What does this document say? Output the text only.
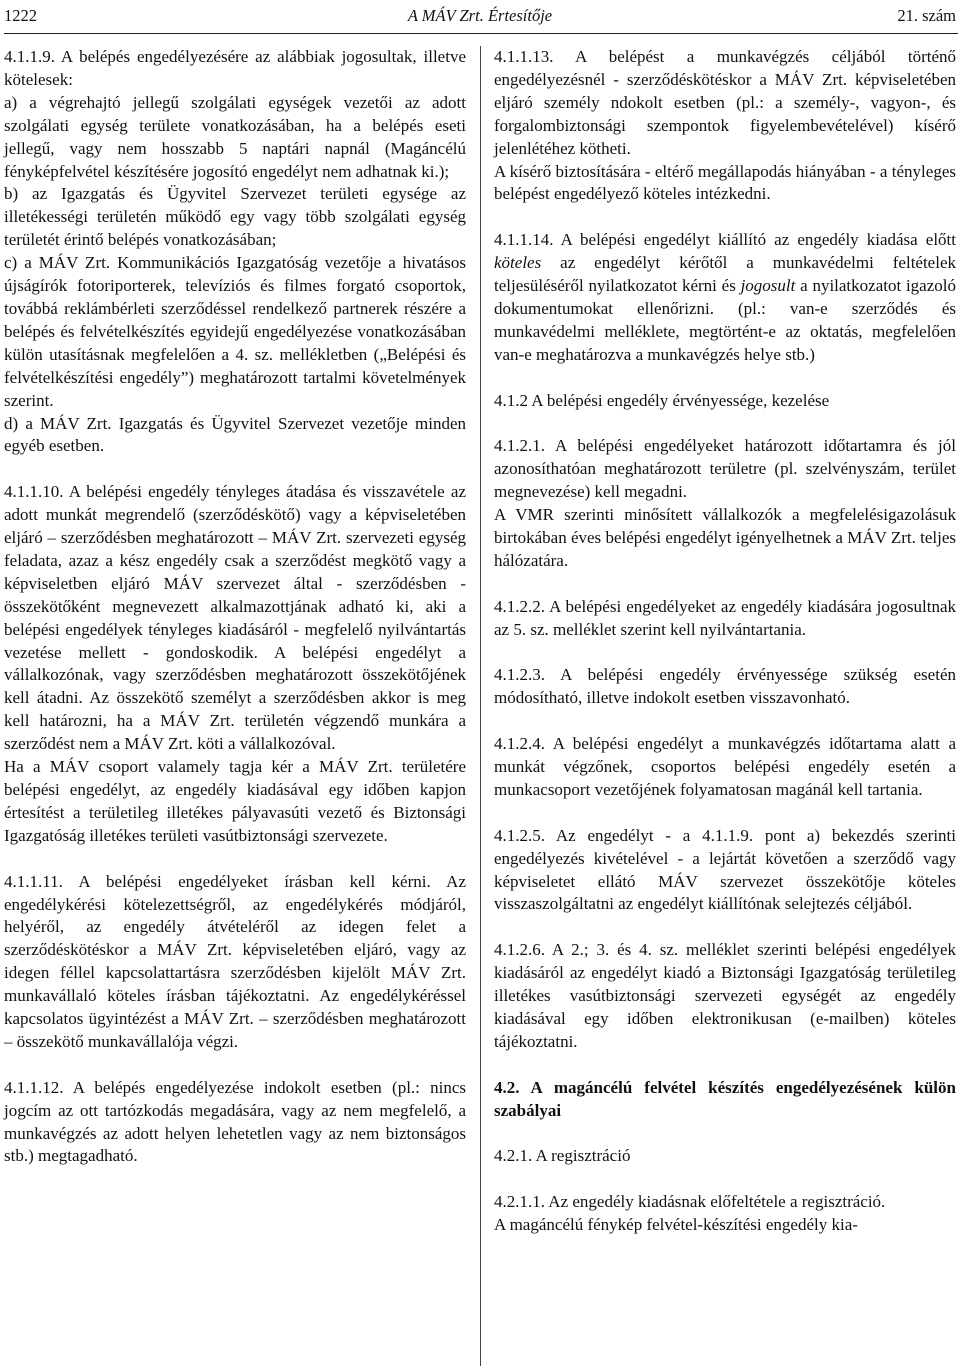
1222	A MÁV Zrt. Értesítője	21. szám

4.1.1.9. A belépés engedélyezésére az alábbiak jogosultak, illetve kötelesek:

a) a végrehajtó jellegű szolgálati egységek vezetői az adott szolgálati egység területe vonatkozásában, ha a belépés eseti jellegű, vagy nem hosszabb 5 naptári napnál (Magáncélú fényképfelvétel készítésére jogosító engedélyt nem adhatnak ki.);

b) az Igazgatás és Ügyvitel Szervezet területi egysége az illetékességi területén működő egy vagy több szolgálati egység területét érintő belépés vonatkozásában;

c) a MÁV Zrt. Kommunikációs Igazgatóság vezetője a hivatásos újságírók fotoriporterek, televíziós és filmes forgató csoportok, továbbá reklámbérleti szerződéssel rendelkező partnerek részére a belépés és felvételkészítés egyidejű engedélyezése vonatkozásában külön utasításnak megfelelően a 4. sz. mellékletben („Belépési és felvételkészítési engedély”) meghatározott tartalmi követelmények szerint.

d) a MÁV Zrt. Igazgatás és Ügyvitel Szervezet vezetője minden egyéb esetben.

4.1.1.10. A belépési engedély tényleges átadása és visszavétele az adott munkát megrendelő (szerződéskötő) vagy a képviseletében eljáró – szerződésben meghatározott – MÁV Zrt. szervezeti egység feladata, azaz a kész engedély csak a szerződést megkötő vagy a képviseletben eljáró MÁV szervezet által - szerződésben - összekötőként megnevezett alkalmazottjának adható ki, aki a belépési engedélyek tényleges kiadásáról - megfelelő nyilvántartás vezetése mellett - gondoskodik. A belépési engedélyt a vállalkozónak, vagy szerződésben meghatározott összekötőjének kell átadni. Az összekötő személyt a szerződésben akkor is meg kell határozni, ha a MÁV Zrt. területén végzendő munkára a szerződést nem a MÁV Zrt. köti a vállalkozóval.

Ha a MÁV csoport valamely tagja kér a MÁV Zrt. területére belépési engedélyt, az engedély kiadásával egy időben kapjon értesítést a területileg illetékes pályavasúti vezető és Biztonsági Igazgatóság illetékes területi vasútbiztonsági szervezete.

4.1.1.11. A belépési engedélyeket írásban kell kérni. Az engedélykérési kötelezettségről, az engedélykérés módjáról, helyéről, az engedély átvételéről az idegen felet a szerződéskötéskor a MÁV Zrt. képviseletében eljáró, vagy az idegen féllel kapcsolattartásra szerződésben kijelölt MÁV Zrt. munkavállaló köteles írásban tájékoztatni. Az engedélykéréssel kapcsolatos ügyintézést a MÁV Zrt. – szerződésben meghatározott – összekötő munkavállalója végzi.

4.1.1.12. A belépés engedélyezése indokolt esetben (pl.: nincs jogcím az ott tartózkodás megadására, vagy az nem megfelelő, a munkavégzés az adott helyen lehetetlen vagy az nem biztonságos stb.) megtagadható.

4.1.1.13. A belépést a munkavégzés céljából történő engedélyezésnél - szerződéskötéskor a MÁV Zrt. képviseletében eljáró személy ndokolt esetben (pl.: a személy-, vagyon-, és forgalombiztonsági szempontok figyelembevételével) kísérő jelenlétéhez kötheti.

A kísérő biztosítására - eltérő megállapodás hiányában - a tényleges belépést engedélyező köteles intézkedni.

4.1.1.14. A belépési engedélyt kiállító az engedély kiadása előtt köteles az engedélyt kérőtől a munkavédelmi feltételek teljesüléséről nyilatkozatot kérni és jogosult a nyilatkozatot igazoló dokumentumokat ellenőrizni. (pl.: van-e szerződés és munkavédelmi melléklete, megtörtént-e az oktatás, megfelelően van-e meghatározva a munkavégzés helye stb.)

4.1.2 A belépési engedély érvényessége, kezelése

4.1.2.1. A belépési engedélyeket határozott időtartamra és jól azonosíthatóan meghatározott területre (pl. szelvényszám, terület megnevezése) kell megadni.

A VMR szerinti minősített vállalkozók a megfelelésigazolásuk birtokában éves belépési engedélyt igényelhetnek a MÁV Zrt. teljes hálózatára.

4.1.2.2. A belépési engedélyeket az engedély kiadására jogosultnak az 5. sz. melléklet szerint kell nyilvántartania.

4.1.2.3. A belépési engedély érvényessége szükség esetén módosítható, illetve indokolt esetben visszavonható.

4.1.2.4. A belépési engedélyt a munkavégzés időtartama alatt a munkát végzőnek, csoportos belépési engedély esetén a munkacsoport vezetőjének folyamatosan magánál kell tartania.

4.1.2.5. Az engedélyt - a 4.1.1.9. pont a) bekezdés szerinti engedélyezés kivételével - a lejártát követően a szerződő vagy képviseletet ellátó MÁV szervezet összekötője köteles visszaszolgáltatni az engedélyt kiállítónak selejtezés céljából.

4.1.2.6. A 2.; 3. és 4. sz. melléklet szerinti belépési engedélyek kiadásáról az engedélyt kiadó a Biztonsági Igazgatóság területileg illetékes vasútbiztonsági szervezeti egységét az engedély kiadásával egy időben elektronikusan (e-mailben) köteles tájékoztatni.

4.2. A magáncélú felvétel készítés engedélyezésének külön szabályai

4.2.1. A regisztráció

4.2.1.1. Az engedély kiadásnak előfeltétele a regisztráció.

A magáncélú fénykép felvétel-készítési engedély kia-
